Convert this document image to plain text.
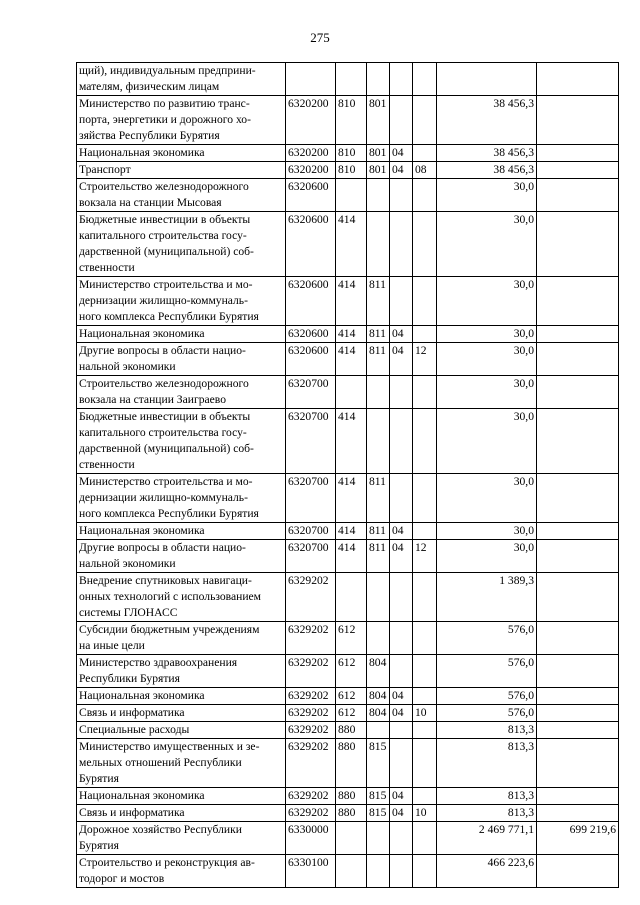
275
щий), индивидуальным предприни-
мателям, физическим лицам							
Министерство по развитию транс-
порта, энергетики и дорожного хо-
зяйства Республики Бурятия	6320200	810	801			38 456,3	
Национальная экономика	6320200	810	801	04		38 456,3	
Транспорт	6320200	810	801	04	08	38 456,3	
Строительство железнодорожного
вокзала на станции Мысовая	6320600					30,0	
Бюджетные инвестиции в объекты
капитального строительства госу-
дарственной (муниципальной) соб-
ственности	6320600	414				30,0	
Министерство строительства и мо-
дернизации жилищно-коммуналь-
ного комплекса Республики Бурятия	6320600	414	811			30,0	
Национальная экономика	6320600	414	811	04		30,0	
Другие вопросы в области нацио-
нальной экономики	6320600	414	811	04	12	30,0	
Строительство железнодорожного
вокзала на станции Заиграево	6320700					30,0	
Бюджетные инвестиции в объекты
капитального строительства госу-
дарственной (муниципальной) соб-
ственности	6320700	414				30,0	
Министерство строительства и мо-
дернизации жилищно-коммуналь-
ного комплекса Республики Бурятия	6320700	414	811			30,0	
Национальная экономика	6320700	414	811	04		30,0	
Другие вопросы в области нацио-
нальной экономики	6320700	414	811	04	12	30,0	
Внедрение спутниковых навигаци-
онных технологий с использованием
системы ГЛОНАСС	6329202					1 389,3	
Субсидии бюджетным учреждениям
на иные цели	6329202	612				576,0	
Министерство здравоохранения
Республики Бурятия	6329202	612	804			576,0	
Национальная экономика	6329202	612	804	04		576,0	
Связь и информатика	6329202	612	804	04	10	576,0	
Специальные расходы	6329202	880				813,3	
Министерство имущественных и зе-
мельных отношений Республики
Бурятия	6329202	880	815			813,3	
Национальная экономика	6329202	880	815	04		813,3	
Связь и информатика	6329202	880	815	04	10	813,3	
Дорожное хозяйство Республики
Бурятия	6330000					2 469 771,1	699 219,6
Строительство и реконструкция ав-
тодорог и мостов	6330100					466 223,6	
